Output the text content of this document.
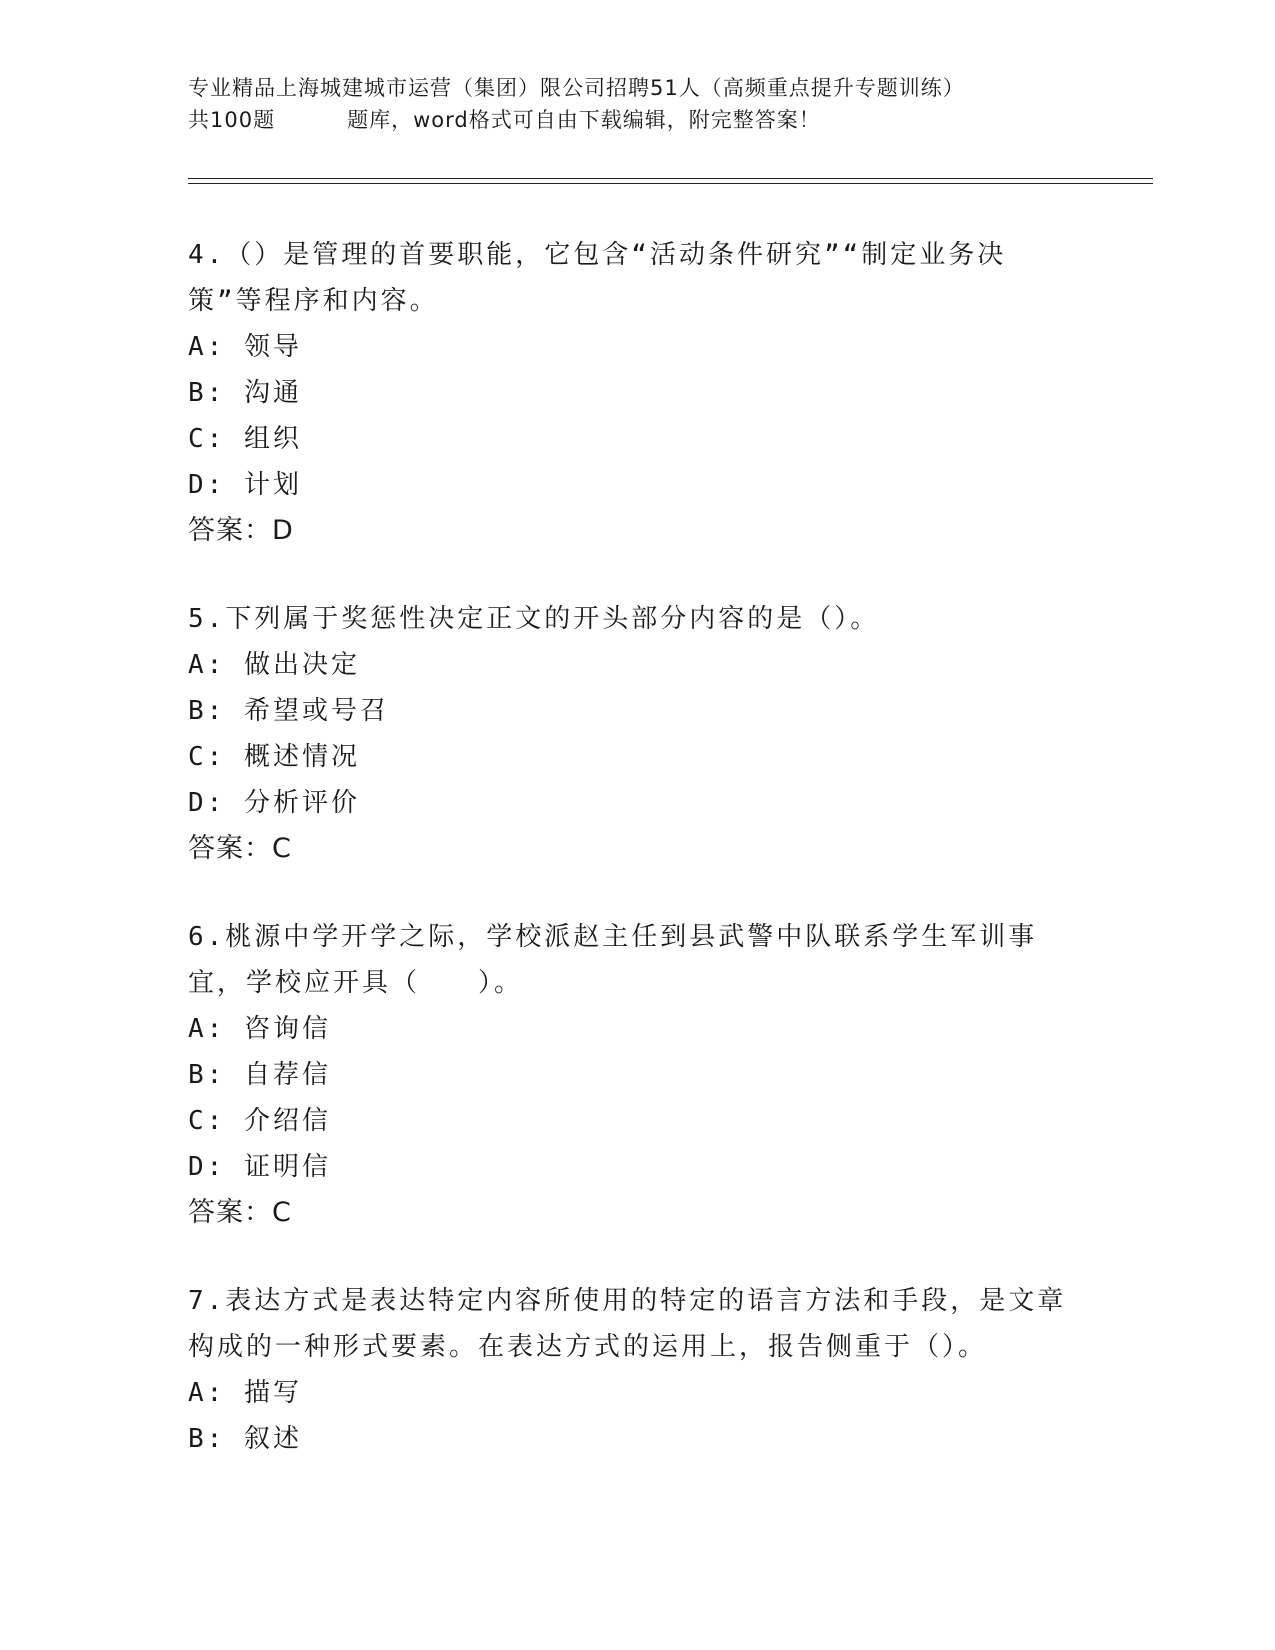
专业精品上海城建城市运营（集团）限公司招聘51人（高频重点提升专题训练）
共100题	题库，word格式可自由下载编辑，附完整答案！

4.（）是管理的首要职能，它包含“活动条件研究”“制定业务决策”等程序和内容。

A: 领导

B: 沟通

C: 组织

D: 计划

答案：D

5.下列属于奖惩性决定正文的开头部分内容的是（）。

A: 做出决定

B: 希望或号召

C: 概述情况

D: 分析评价

答案：C

6.桃源中学开学之际，学校派赵主任到县武警中队联系学生军训事宜，学校应开具（　　）。

A: 咨询信

B: 自荐信

C: 介绍信

D: 证明信

答案：C

7.表达方式是表达特定内容所使用的特定的语言方法和手段，是文章构成的一种形式要素。在表达方式的运用上，报告侧重于（）。

A: 描写

B: 叙述
